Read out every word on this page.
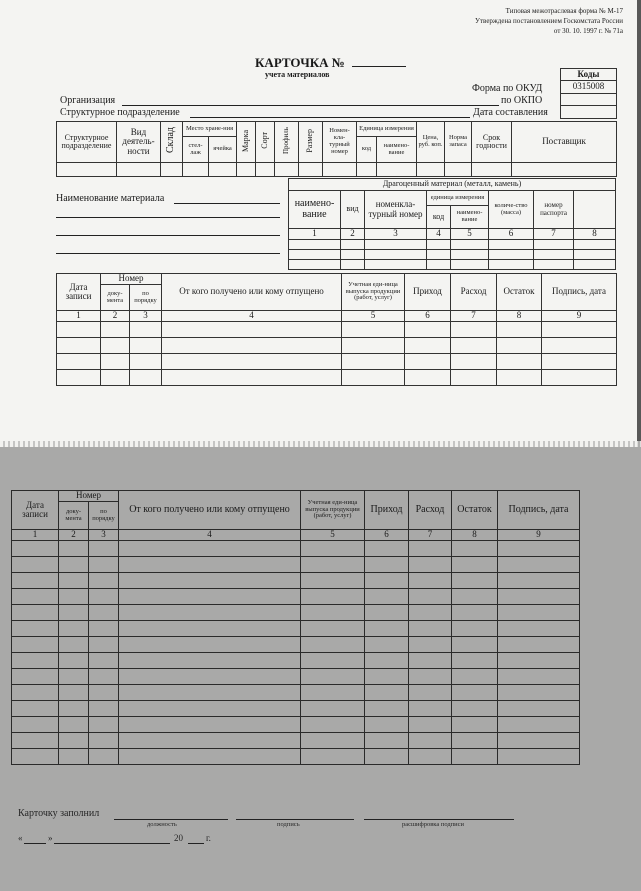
Типовая межотраслевая форма № М-17
Утверждена постановлением Госкомстата России
от 30. 10. 1997 г. № 71а
КАРТОЧКА №
учета материалов	Коды
0315008

Форма по ОКУД
по ОКПО
Организация
Структурное подразделение	Дата составления
Структурное подразделение	Вид деятель-ности	Склад	Место хране-ния		Марка	Сорт	Профиль	Размер	Номен-кла-турный номер	Единица измерения		Цена, руб. коп.	Норма запаса	Срок годности	Поставщик
			стел-лаж	ячейка						код	наимено-вание				

Наименование материала
Драгоценный материал (металл, камень)							
наимено-вание	вид	номенкла-турный номер	единица измерения		количе-ство (масса)	номер паспорта	
			код	наимено-вание			
1	2	3	4	5	6	7	8

Дата записи	Номер		От кого получено или кому отпущено	Учетная еди-ница выпуска продукции (работ, услуг)	Приход	Расход	Остаток	Подпись, дата
	доку-мента	по порядку						
1	2	3	4	5	6	7	8	9

Дата записи	Номер		От кого получено или кому отпущено	Учетная еди-ница выпуска продукции (работ, услуг)	Приход	Расход	Остаток	Подпись, дата
	доку-мента	по порядку						
1	2	3	4	5	6	7	8	9

Карточку заполнил
должность	подпись	расшифровка подписи
«	»	20	г.
